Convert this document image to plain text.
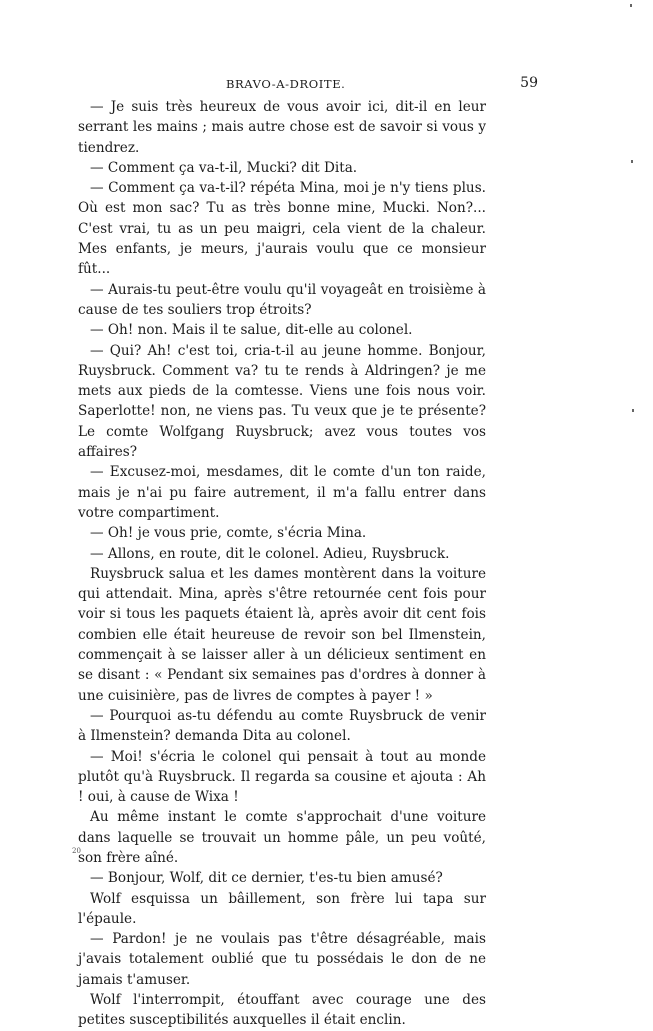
BRAVO-A-DROITE.	59

— Je suis très heureux de vous avoir ici, dit-il en leur serrant les mains ; mais autre chose est de savoir si vous y tiendrez.

— Comment ça va-t-il, Mucki? dit Dita.

— Comment ça va-t-il? répéta Mina, moi je n'y tiens plus. Où est mon sac? Tu as très bonne mine, Mucki. Non?... C'est vrai, tu as un peu maigri, cela vient de la chaleur. Mes enfants, je meurs, j'aurais voulu que ce monsieur fût...

— Aurais-tu peut-être voulu qu'il voyageât en troisième à cause de tes souliers trop étroits?

— Oh! non. Mais il te salue, dit-elle au colonel.

— Qui? Ah! c'est toi, cria-t-il au jeune homme. Bonjour, Ruysbruck. Comment va? tu te rends à Aldringen? je me mets aux pieds de la comtesse. Viens une fois nous voir. Saperlotte! non, ne viens pas. Tu veux que je te présente? Le comte Wolfgang Ruysbruck; avez vous toutes vos affaires?

— Excusez-moi, mesdames, dit le comte d'un ton raide, mais je n'ai pu faire autrement, il m'a fallu entrer dans votre compartiment.

— Oh! je vous prie, comte, s'écria Mina.

— Allons, en route, dit le colonel. Adieu, Ruysbruck.

Ruysbruck salua et les dames montèrent dans la voiture qui attendait. Mina, après s'être retournée cent fois pour voir si tous les paquets étaient là, après avoir dit cent fois combien elle était heureuse de revoir son bel Ilmenstein, commençait à se laisser aller à un délicieux sentiment en se disant : « Pendant six semaines pas d'ordres à donner à une cuisinière, pas de livres de comptes à payer ! »

— Pourquoi as-tu défendu au comte Ruysbruck de venir à Ilmenstein? demanda Dita au colonel.

— Moi! s'écria le colonel qui pensait à tout au monde plutôt qu'à Ruysbruck. Il regarda sa cousine et ajouta : Ah ! oui, à cause de Wixa !

Au même instant le comte s'approchait d'une voiture dans laquelle se trouvait un homme pâle, un peu voûté, son frère aîné.

— Bonjour, Wolf, dit ce dernier, t'es-tu bien amusé?

Wolf esquissa un bâillement, son frère lui tapa sur l'épaule.

— Pardon! je ne voulais pas t'être désagréable, mais j'avais totalement oublié que tu possédais le don de ne jamais t'amuser.

Wolf l'interrompit, étouffant avec courage une des petites susceptibilités auxquelles il était enclin.

20
